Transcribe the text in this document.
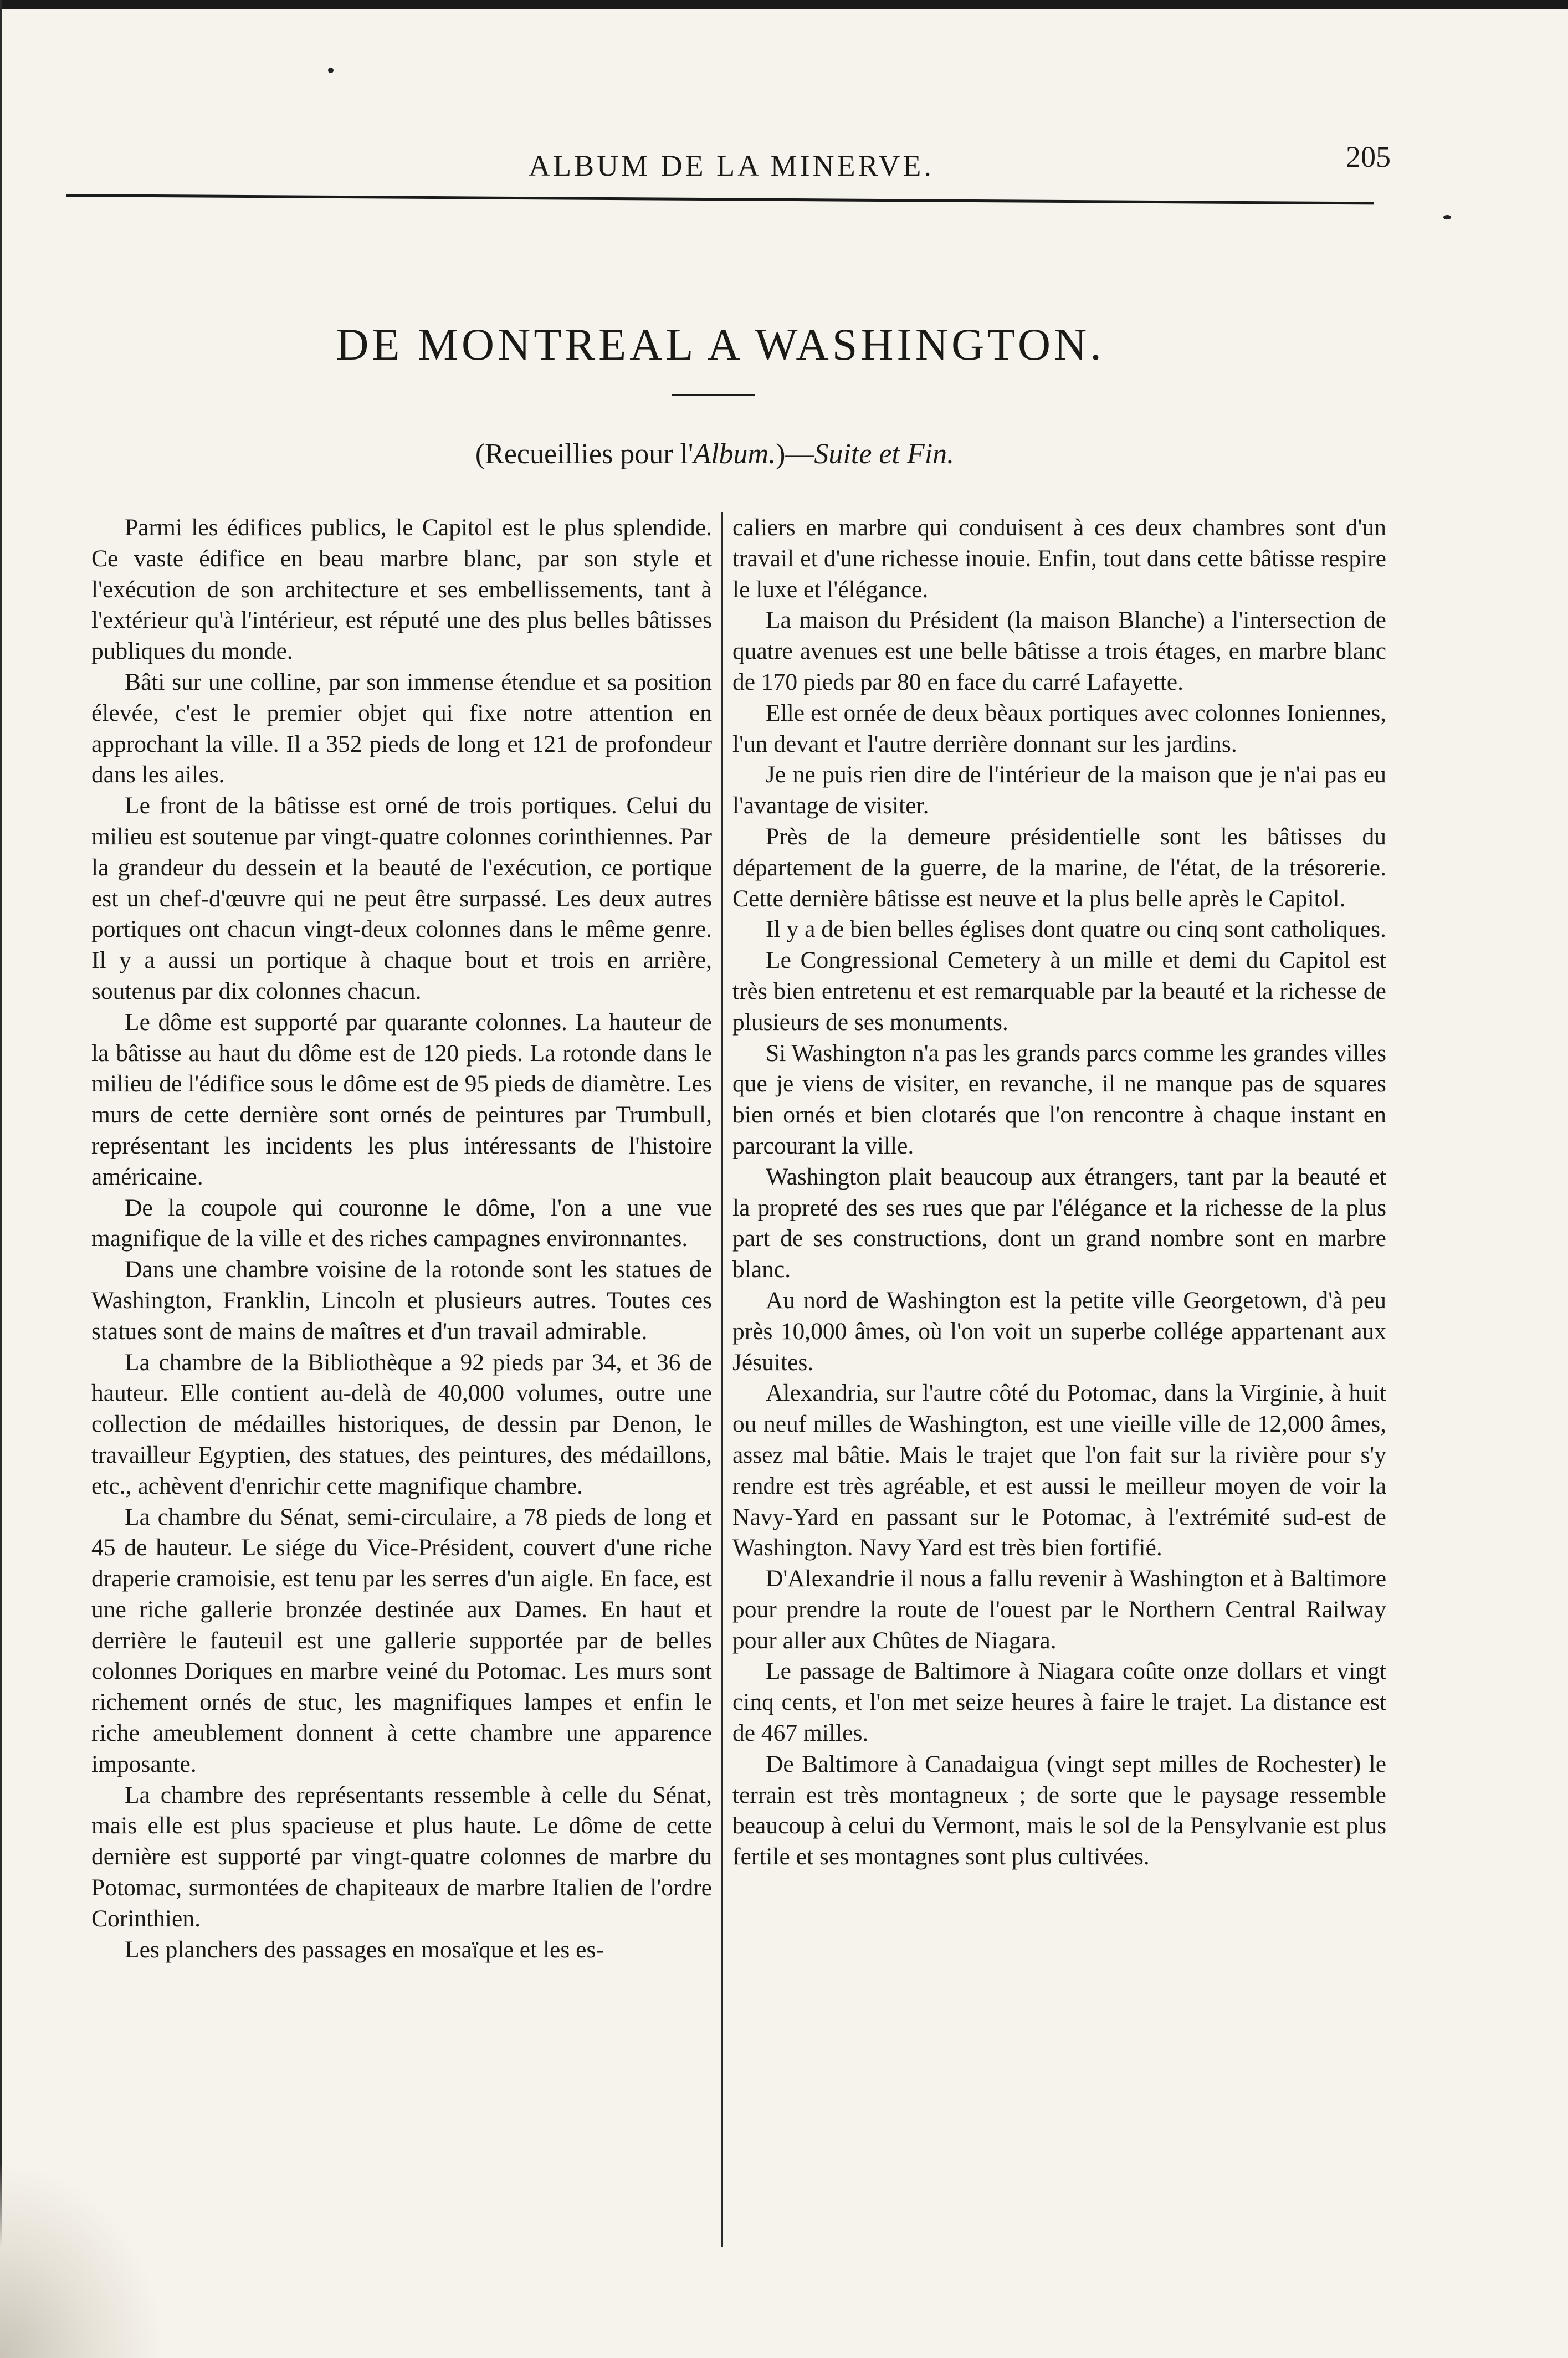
ALBUM DE LA MINERVE.	205
DE MONTREAL A WASHINGTON.
(Recueillies pour l'Album.)—Suite et Fin.

Parmi les édifices publics, le Capitol est le plus splendide. Ce vaste édifice en beau marbre blanc, par son style et l'exécution de son architecture et ses embellissements, tant à l'extérieur qu'à l'intérieur, est réputé une des plus belles bâtisses publiques du monde.

Bâti sur une colline, par son immense étendue et sa position élevée, c'est le premier objet qui fixe notre attention en approchant la ville. Il a 352 pieds de long et 121 de profondeur dans les ailes.

Le front de la bâtisse est orné de trois portiques. Celui du milieu est soutenue par vingt-quatre colonnes corinthiennes. Par la grandeur du dessein et la beauté de l'exécution, ce portique est un chef-d'œuvre qui ne peut être surpassé. Les deux autres portiques ont chacun vingt-deux colonnes dans le même genre. Il y a aussi un portique à chaque bout et trois en arrière, soutenus par dix colonnes chacun.

Le dôme est supporté par quarante colonnes. La hauteur de la bâtisse au haut du dôme est de 120 pieds. La rotonde dans le milieu de l'édifice sous le dôme est de 95 pieds de diamètre. Les murs de cette dernière sont ornés de peintures par Trumbull, représentant les incidents les plus intéressants de l'histoire américaine.

De la coupole qui couronne le dôme, l'on a une vue magnifique de la ville et des riches campagnes environnantes.

Dans une chambre voisine de la rotonde sont les statues de Washington, Franklin, Lincoln et plusieurs autres. Toutes ces statues sont de mains de maîtres et d'un travail admirable.

La chambre de la Bibliothèque a 92 pieds par 34, et 36 de hauteur. Elle contient au-delà de 40,000 volumes, outre une collection de médailles historiques, de dessin par Denon, le travailleur Egyptien, des statues, des peintures, des médaillons, etc., achèvent d'enrichir cette magnifique chambre.

La chambre du Sénat, semi-circulaire, a 78 pieds de long et 45 de hauteur. Le siége du Vice-Président, couvert d'une riche draperie cramoisie, est tenu par les serres d'un aigle. En face, est une riche gallerie bronzée destinée aux Dames. En haut et derrière le fauteuil est une gallerie supportée par de belles colonnes Doriques en marbre veiné du Potomac. Les murs sont richement ornés de stuc, les magnifiques lampes et enfin le riche ameublement donnent à cette chambre une apparence imposante.

La chambre des représentants ressemble à celle du Sénat, mais elle est plus spacieuse et plus haute. Le dôme de cette dernière est supporté par vingt-quatre colonnes de marbre du Potomac, surmontées de chapiteaux de marbre Italien de l'ordre Corinthien.

Les planchers des passages en mosaïque et les es-

caliers en marbre qui conduisent à ces deux chambres sont d'un travail et d'une richesse inouie. Enfin, tout dans cette bâtisse respire le luxe et l'élégance.

La maison du Président (la maison Blanche) a l'intersection de quatre avenues est une belle bâtisse a trois étages, en marbre blanc de 170 pieds par 80 en face du carré Lafayette.

Elle est ornée de deux bèaux portiques avec colonnes Ioniennes, l'un devant et l'autre derrière donnant sur les jardins.

Je ne puis rien dire de l'intérieur de la maison que je n'ai pas eu l'avantage de visiter.

Près de la demeure présidentielle sont les bâtisses du département de la guerre, de la marine, de l'état, de la trésorerie. Cette dernière bâtisse est neuve et la plus belle après le Capitol.

Il y a de bien belles églises dont quatre ou cinq sont catholiques.

Le Congressional Cemetery à un mille et demi du Capitol est très bien entretenu et est remarquable par la beauté et la richesse de plusieurs de ses monuments.

Si Washington n'a pas les grands parcs comme les grandes villes que je viens de visiter, en revanche, il ne manque pas de squares bien ornés et bien clotarés que l'on rencontre à chaque instant en parcourant la ville.

Washington plait beaucoup aux étrangers, tant par la beauté et la propreté des ses rues que par l'élégance et la richesse de la plus part de ses constructions, dont un grand nombre sont en marbre blanc.

Au nord de Washington est la petite ville Georgetown, d'à peu près 10,000 âmes, où l'on voit un superbe collége appartenant aux Jésuites.

Alexandria, sur l'autre côté du Potomac, dans la Virginie, à huit ou neuf milles de Washington, est une vieille ville de 12,000 âmes, assez mal bâtie. Mais le trajet que l'on fait sur la rivière pour s'y rendre est très agréable, et est aussi le meilleur moyen de voir la Navy-Yard en passant sur le Potomac, à l'extrémité sud-est de Washington. Navy Yard est très bien fortifié.

D'Alexandrie il nous a fallu revenir à Washington et à Baltimore pour prendre la route de l'ouest par le Northern Central Railway pour aller aux Chûtes de Niagara.

Le passage de Baltimore à Niagara coûte onze dollars et vingt cinq cents, et l'on met seize heures à faire le trajet. La distance est de 467 milles.

De Baltimore à Canadaigua (vingt sept milles de Rochester) le terrain est très montagneux ; de sorte que le paysage ressemble beaucoup à celui du Vermont, mais le sol de la Pensylvanie est plus fertile et ses montagnes sont plus cultivées.
